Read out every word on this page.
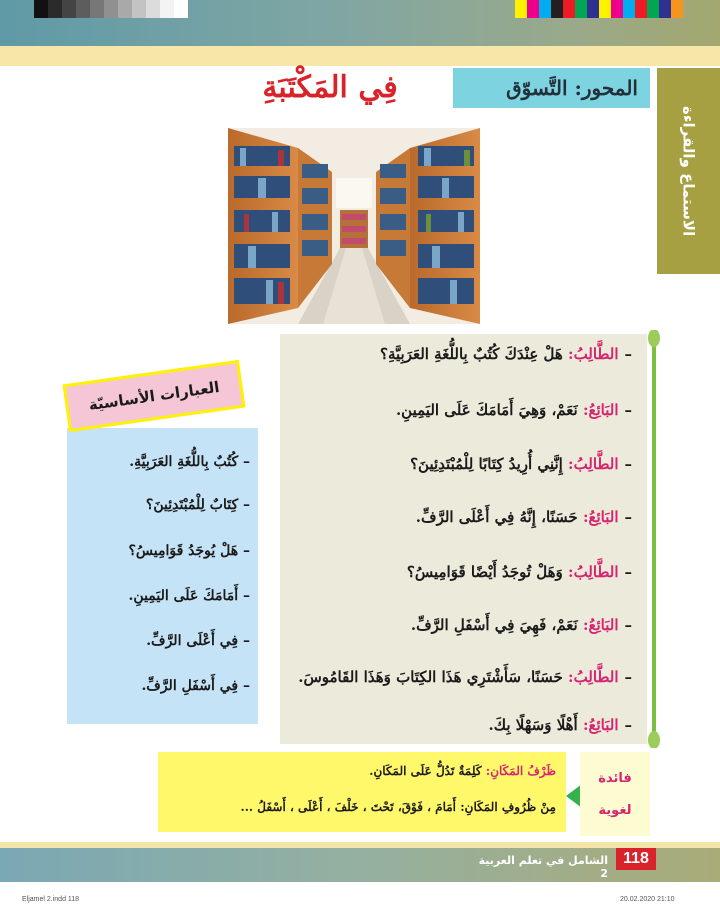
المحور: التَّسوّق
الاستماع والقراءة
فِي المَكْتَبَةِ
–الطَّالِبُ: هَلْ عِنْدَكَ كُتُبٌ بِاللُّغَةِ العَرَبِيَّةِ؟
–البَائِعُ: نَعَمْ، وَهِيَ أَمَامَكَ عَلَى اليَمِينِ.
–الطَّالِبُ: إِنَّنِي أُرِيدُ كِتَابًا لِلْمُبْتَدِئِينَ؟
–البَائِعُ: حَسَنًا، إِنَّهُ فِي أَعْلَى الرَّفِّ.
–الطَّالِبُ: وَهَلْ تُوجَدُ أَيْضًا قَوَامِيسُ؟
–البَائِعُ: نَعَمْ، فَهِيَ فِي أَسْفَلِ الرَّفِّ.
–الطَّالِبُ: حَسَنًا، سَأَشْتَرِي هَذَا الكِتَابَ وَهَذَا القَامُوسَ.
–البَائِعُ: أَهْلًا وَسَهْلًا بِكَ.
العبارات الأساسيّة
– كُتُبٌ بِاللُّغَةِ العَرَبِيَّةِ.
– كِتَابٌ لِلْمُبْتَدِئِينَ؟
– هَلْ يُوجَدُ قَوَامِيسُ؟
– أَمَامَكَ عَلَى اليَمِينِ.
– فِي أَعْلَى الرَّفِّ.
– فِي أَسْفَلِ الرَّفِّ.
ظَرْفُ المَكَانِ: كَلِمَةٌ تَدُلُّ عَلَى المَكَانِ.
مِنْ ظُرُوفِ المَكَانِ: أَمَامَ ، فَوْقَ، تَحْتَ ، خَلْفَ ، أَعْلَى ، أَسْفَلُ ...
فائدة
لغوية
118
الشامل في تعلم العربية 2
Eljamel 2.indd 118	20.02.2020 21:10
